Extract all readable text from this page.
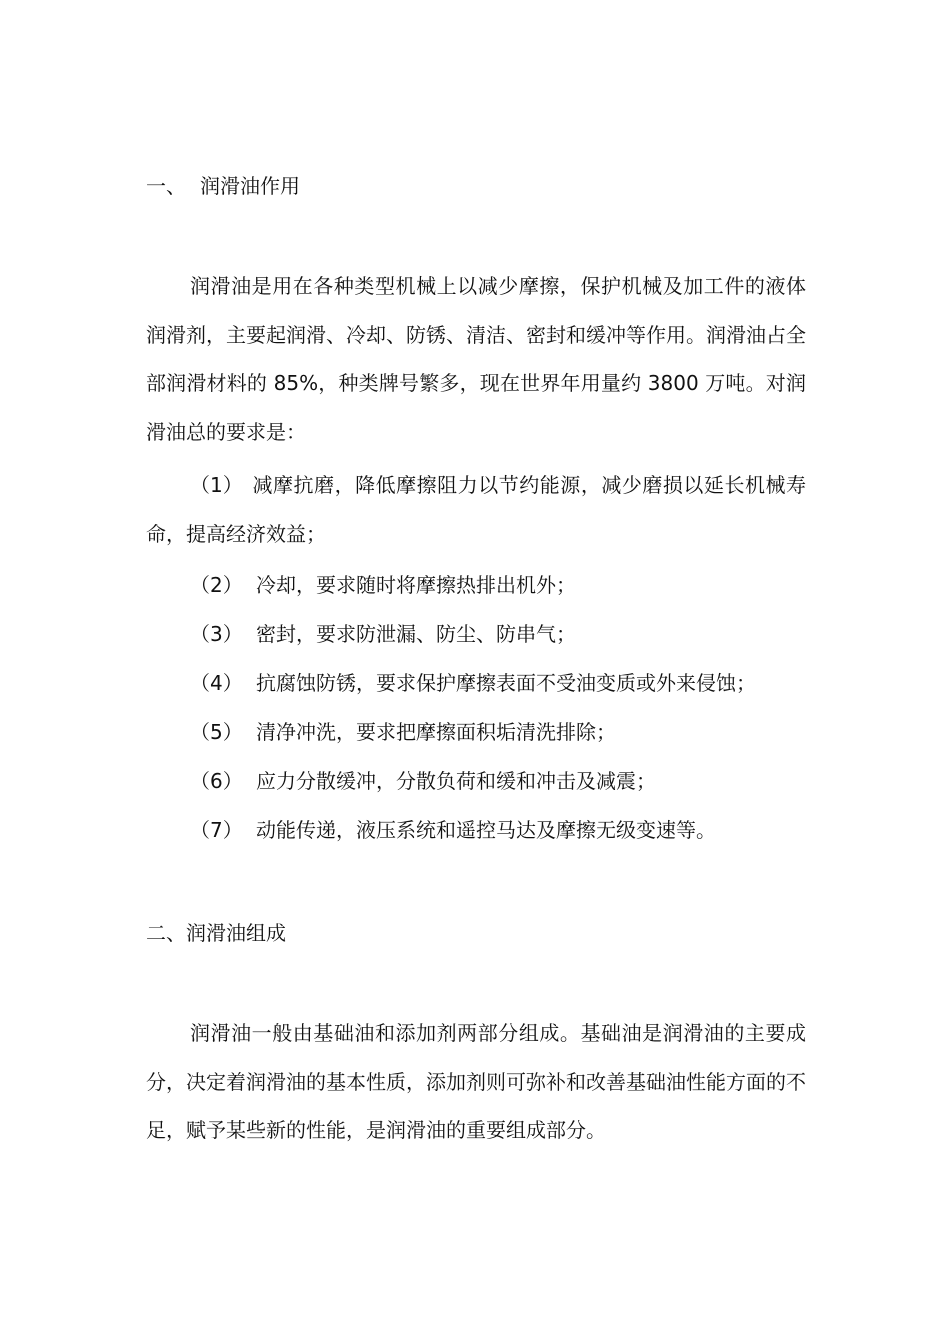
一、 润滑油作用

润滑油是用在各种类型机械上以减少摩擦，保护机械及加工件的液体润滑剂，主要起润滑、冷却、防锈、清洁、密封和缓冲等作用。润滑油占全部润滑材料的 85%，种类牌号繁多，现在世界年用量约 3800 万吨。对润滑油总的要求是：

（1） 减摩抗磨，降低摩擦阻力以节约能源，减少磨损以延长机械寿命，提高经济效益；

（2） 冷却，要求随时将摩擦热排出机外；

（3） 密封，要求防泄漏、防尘、防串气；

（4） 抗腐蚀防锈，要求保护摩擦表面不受油变质或外来侵蚀；

（5） 清净冲洗，要求把摩擦面积垢清洗排除；

（6） 应力分散缓冲，分散负荷和缓和冲击及减震；

（7） 动能传递，液压系统和遥控马达及摩擦无级变速等。

二、润滑油组成

润滑油一般由基础油和添加剂两部分组成。基础油是润滑油的主要成分，决定着润滑油的基本性质，添加剂则可弥补和改善基础油性能方面的不足，赋予某些新的性能，是润滑油的重要组成部分。
